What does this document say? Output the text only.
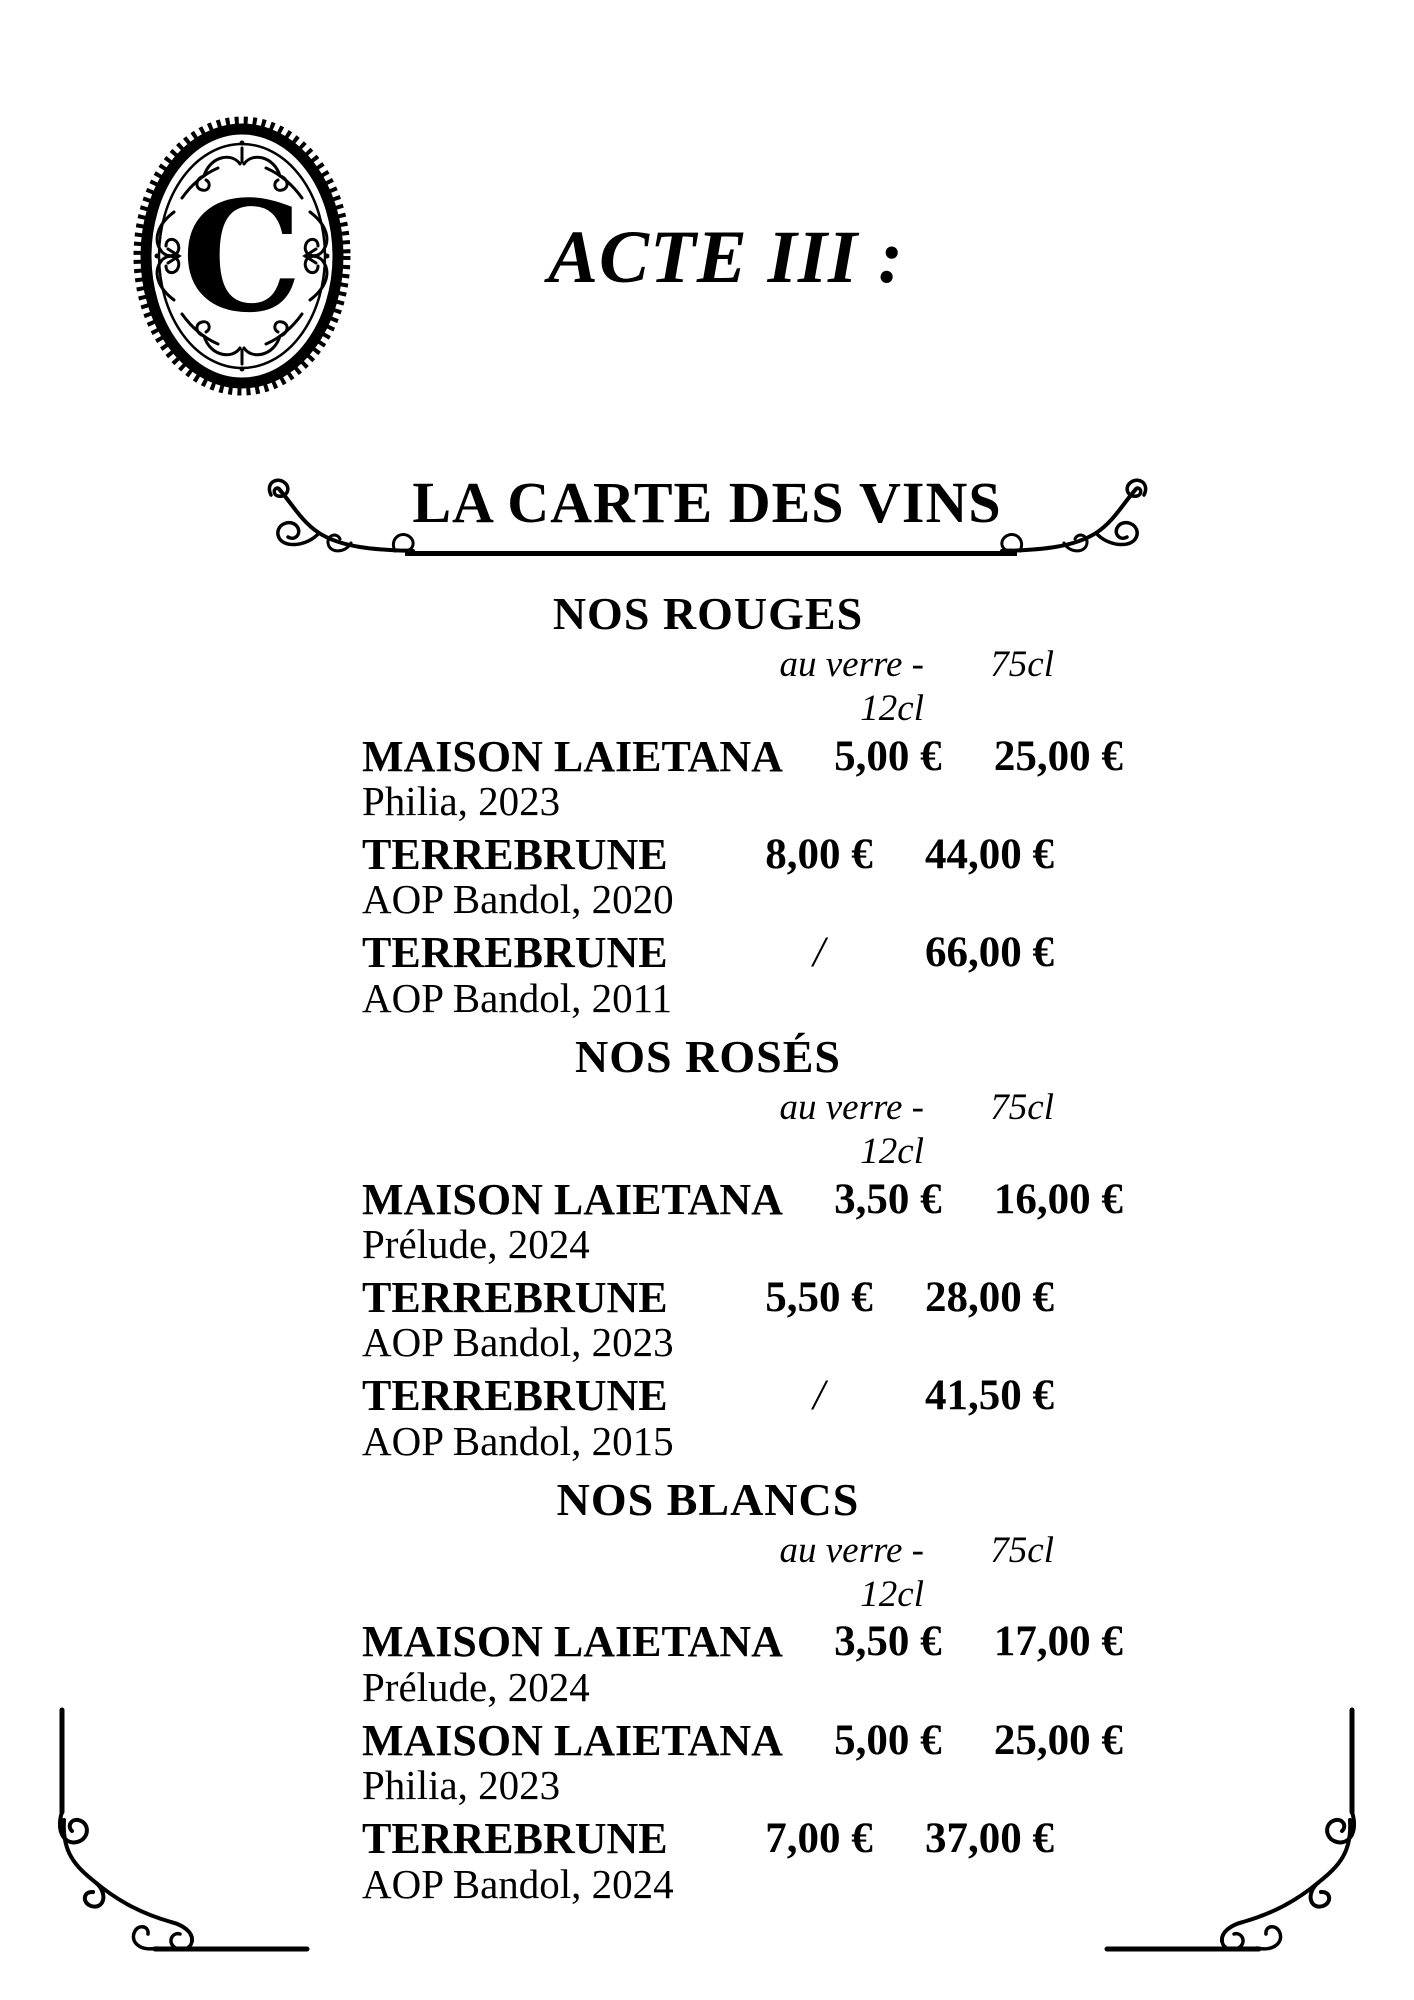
C	ACTE III :
LA CARTE DES VINS
NOS ROUGES
au verre - 12cl
75cl
MAISON LAIETANA
Philia, 2023
5,00 €	25,00 €
TERREBRUNE
AOP Bandol, 2020
8,00 €	44,00 €
TERREBRUNE
AOP Bandol, 2011
/	66,00 €
NOS ROSÉS
au verre - 12cl
75cl
MAISON LAIETANA
Prélude, 2024
3,50 €	16,00 €
TERREBRUNE
AOP Bandol, 2023
5,50 €	28,00 €
TERREBRUNE
AOP Bandol, 2015
/	41,50 €
NOS BLANCS
au verre - 12cl
75cl
MAISON LAIETANA
Prélude, 2024
3,50 €	17,00 €
MAISON LAIETANA
Philia, 2023
5,00 €	25,00 €
TERREBRUNE
AOP Bandol, 2024
7,00 €	37,00 €
